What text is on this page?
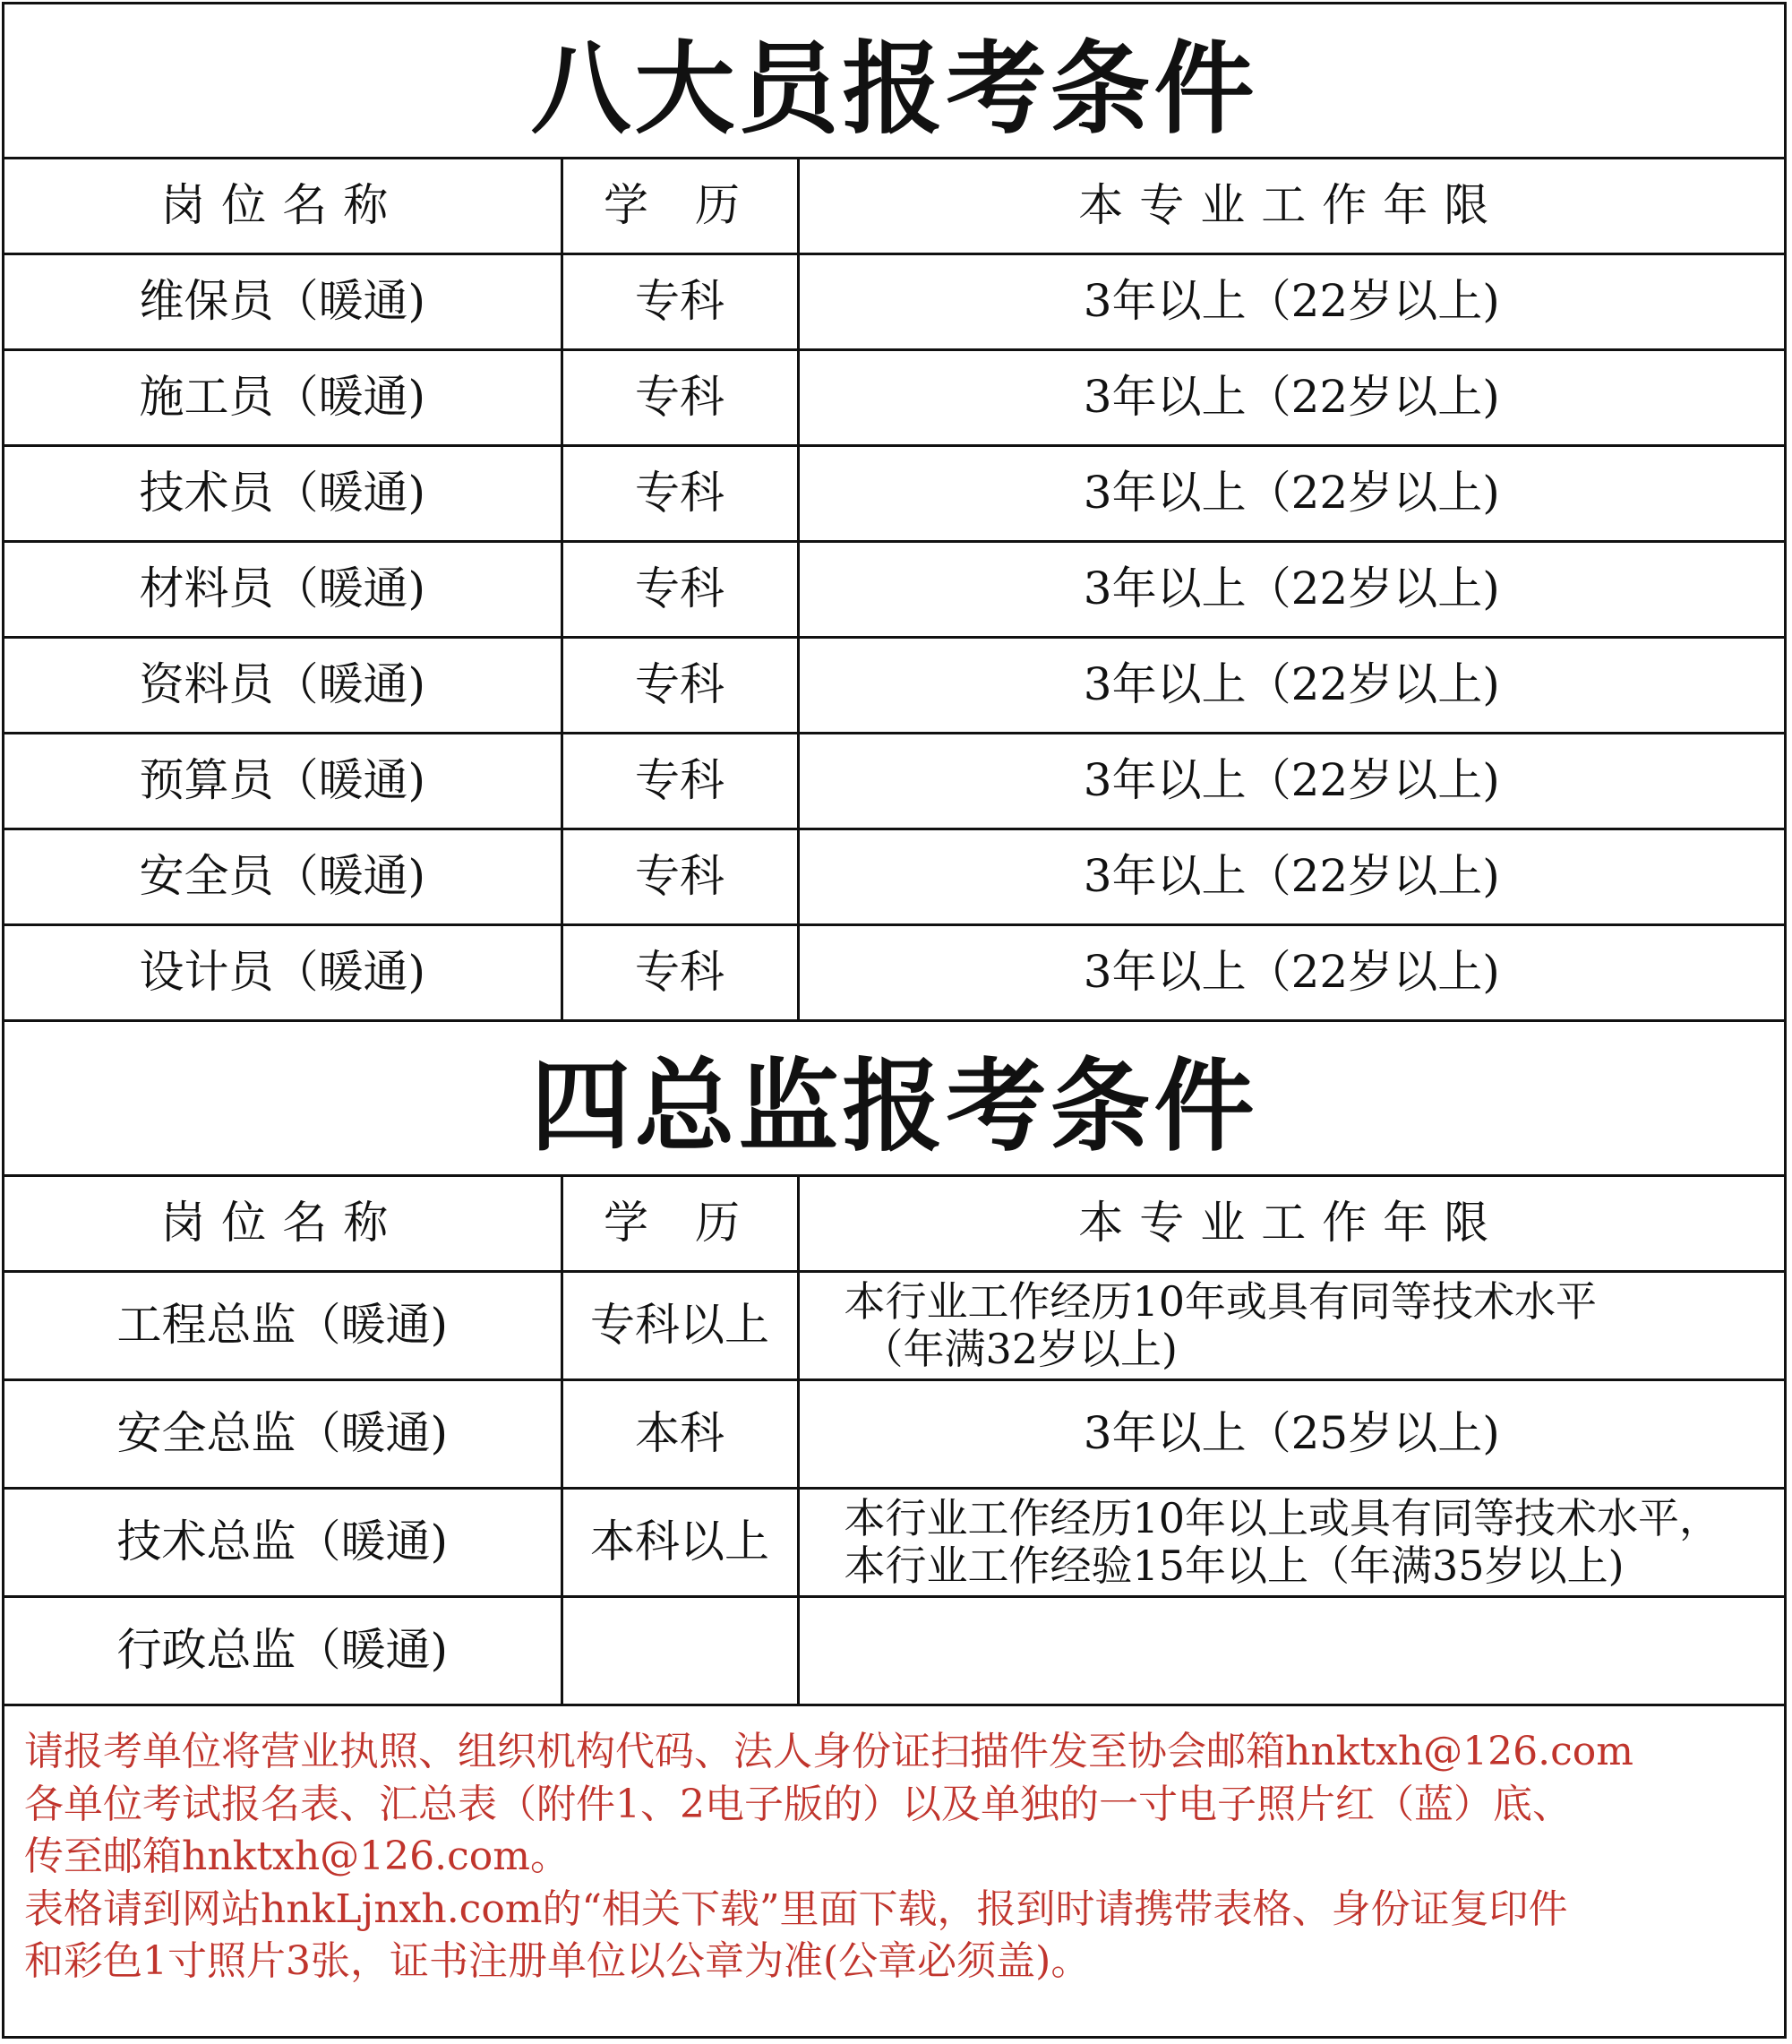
八大员报考条件
岗位名称	学 历	本专业工作年限
维保员（暖通)	专科	3年以上（22岁以上)
施工员（暖通)	专科	3年以上（22岁以上)
技术员（暖通)	专科	3年以上（22岁以上)
材料员（暖通)	专科	3年以上（22岁以上)
资料员（暖通)	专科	3年以上（22岁以上)
预算员（暖通)	专科	3年以上（22岁以上)
安全员（暖通)	专科	3年以上（22岁以上)
设计员（暖通)	专科	3年以上（22岁以上)
四总监报考条件
岗位名称	学 历	本专业工作年限
工程总监（暖通)	专科以上	本行业工作经历10年或具有同等技术水平
（年满32岁以上)

安全总监（暖通)	本科	3年以上（25岁以上)
技术总监（暖通)	本科以上	本行业工作经历10年以上或具有同等技术水平，
本行业工作经验15年以上（年满35岁以上)

行政总监（暖通)		

请报考单位将营业执照、组织机构代码、法人身份证扫描件发至协会邮箱hnktxh@126.com

各单位考试报名表、汇总表（附件1、2电子版的）以及单独的一寸电子照片红（蓝）底、

传至邮箱hnktxh@126.com。

表格请到网站hnkLjnxh.com的“相关下载”里面下载，报到时请携带表格、身份证复印件

和彩色1寸照片3张，证书注册单位以公章为准(公章必须盖)。
